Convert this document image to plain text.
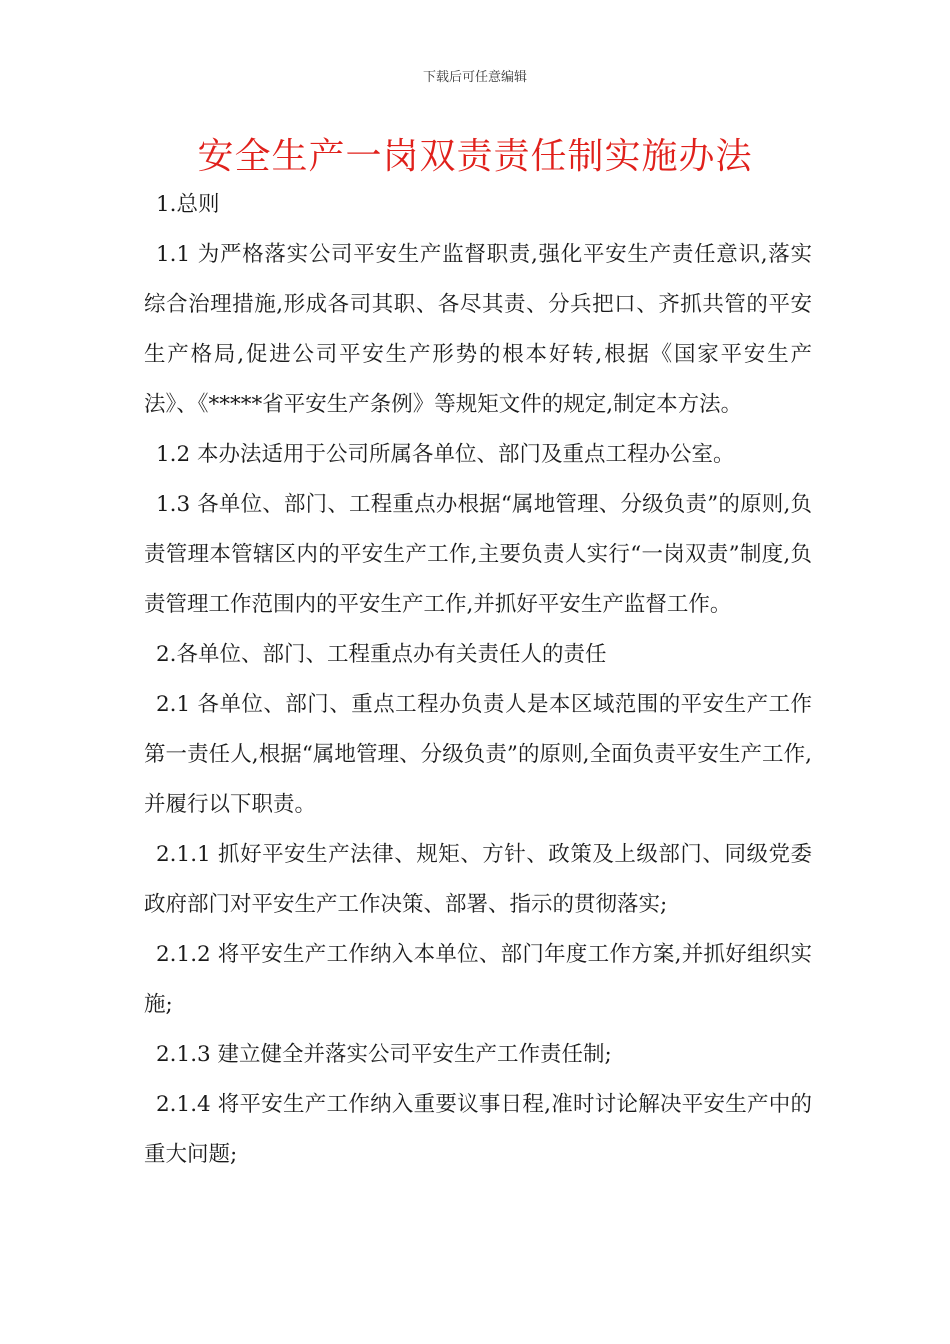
下载后可任意编辑
安全生产一岗双责责任制实施办法

1.总则

1.1 为严格落实公司平安生产监督职责,强化平安生产责任意识,落实综合治理措施,形成各司其职、各尽其责、分兵把口、齐抓共管的平安生产格局,促进公司平安生产形势的根本好转,根据《国家平安生产法》、《*****省平安生产条例》等规矩文件的规定,制定本方法。

1.2 本办法适用于公司所属各单位、部门及重点工程办公室。

1.3 各单位、部门、工程重点办根据“属地管理、分级负责”的原则,负责管理本管辖区内的平安生产工作,主要负责人实行“一岗双责”制度,负责管理工作范围内的平安生产工作,并抓好平安生产监督工作。

2.各单位、部门、工程重点办有关责任人的责任

2.1 各单位、部门、重点工程办负责人是本区域范围的平安生产工作第一责任人,根据“属地管理、分级负责”的原则,全面负责平安生产工作,并履行以下职责。

2.1.1 抓好平安生产法律、规矩、方针、政策及上级部门、同级党委政府部门对平安生产工作决策、部署、指示的贯彻落实;

2.1.2 将平安生产工作纳入本单位、部门年度工作方案,并抓好组织实施;

2.1.3 建立健全并落实公司平安生产工作责任制;

2.1.4 将平安生产工作纳入重要议事日程,准时讨论解决平安生产中的重大问题;
